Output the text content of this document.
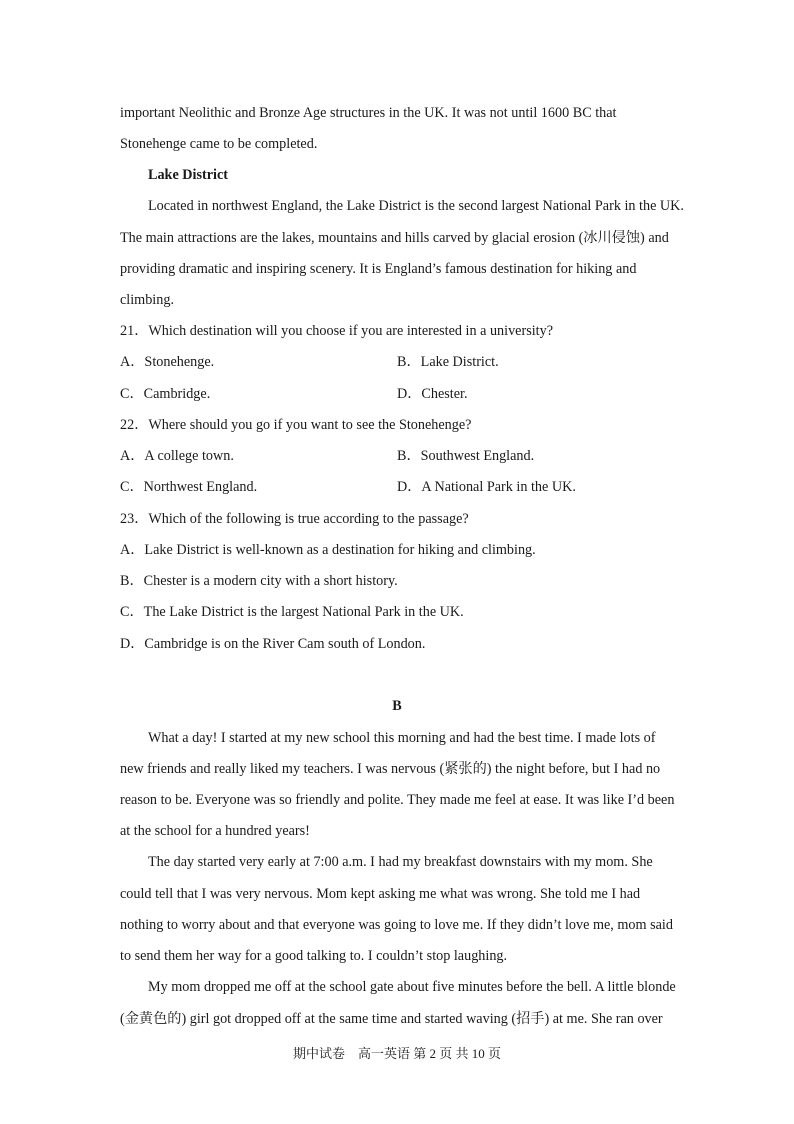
important Neolithic and Bronze Age structures in the UK. It was not until 1600 BC that
Stonehenge came to be completed.
Lake District
Located in northwest England, the Lake District is the second largest National Park in the UK.
The main attractions are the lakes, mountains and hills carved by glacial erosion (冰川侵蚀) and
providing dramatic and inspiring scenery. It is England’s famous destination for hiking and
climbing.
21．Which destination will you choose if you are interested in a university?
A．Stonehenge.	B．Lake District.
C．Cambridge.	D．Chester.
22．Where should you go if you want to see the Stonehenge?
A．A college town.	B．Southwest England.
C．Northwest England.	D．A National Park in the UK.
23．Which of the following is true according to the passage?
A．Lake District is well-known as a destination for hiking and climbing.
B．Chester is a modern city with a short history.
C．The Lake District is the largest National Park in the UK.
D．Cambridge is on the River Cam south of London.
B
What a day! I started at my new school this morning and had the best time. I made lots of
new friends and really liked my teachers. I was nervous (紧张的) the night before, but I had no
reason to be. Everyone was so friendly and polite. They made me feel at ease. It was like I’d been
at the school for a hundred years!
The day started very early at 7:00 a.m. I had my breakfast downstairs with my mom. She
could tell that I was very nervous. Mom kept asking me what was wrong. She told me I had
nothing to worry about and that everyone was going to love me. If they didn’t love me, mom said
to send them her way for a good talking to. I couldn’t stop laughing.
My mom dropped me off at the school gate about five minutes before the bell. A little blonde
(金黄色的) girl got dropped off at the same time and started waving (招手) at me. She ran over
期中试卷　高一英语 第 2 页 共 10 页
